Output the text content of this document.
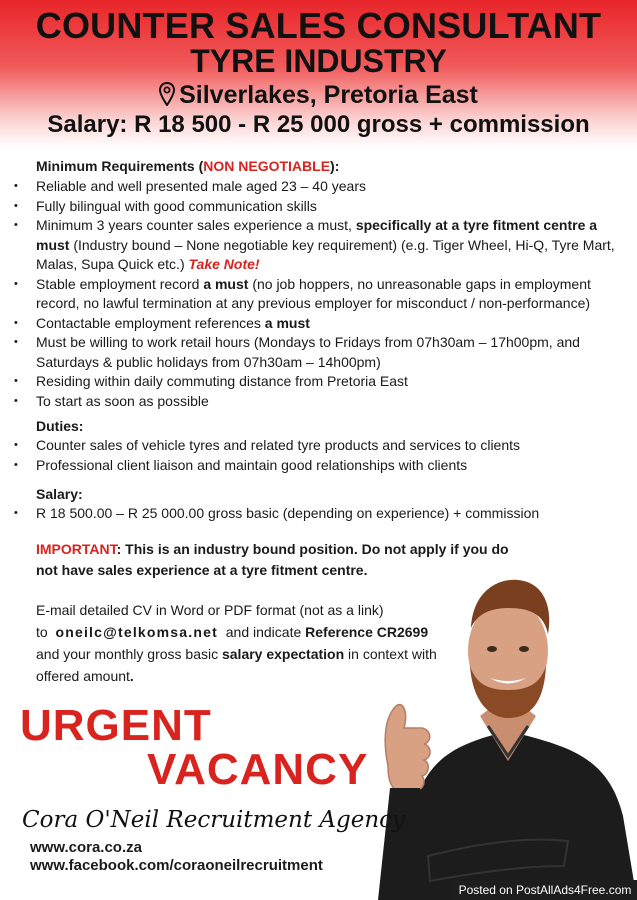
COUNTER SALES CONSULTANT
TYRE INDUSTRY
Silverlakes, Pretoria East
Salary: R 18 500 - R 25 000 gross + commission
Minimum Requirements (NON NEGOTIABLE):
• Reliable and well presented male aged 23 – 40 years
• Fully bilingual with good communication skills
• Minimum 3 years counter sales experience a must, specifically at a tyre fitment centre a must (Industry bound – None negotiable key requirement) (e.g. Tiger Wheel, Hi-Q, Tyre Mart, Malas, Supa Quick etc.) Take Note!
• Stable employment record a must (no job hoppers, no unreasonable gaps in employment record, no lawful termination at any previous employer for misconduct / non-performance)
• Contactable employment references a must
• Must be willing to work retail hours (Mondays to Fridays from 07h30am – 17h00pm, and Saturdays & public holidays from 07h30am – 14h00pm)
• Residing within daily commuting distance from Pretoria East
• To start as soon as possible
Duties:
• Counter sales of vehicle tyres and related tyre products and services to clients
• Professional client liaison and maintain good relationships with clients
Salary:
• R 18 500.00 – R 25 000.00 gross basic (depending on experience) + commission
IMPORTANT: This is an industry bound position. Do not apply if you do not have sales experience at a tyre fitment centre.
E-mail detailed CV in Word or PDF format (not as a link)
to oneilc@telkomsa.net and indicate Reference CR2699
and your monthly gross basic salary expectation in context with offered amount.
URGENT
VACANCY
Cora O'Neil Recruitment Agency
www.cora.co.za
www.facebook.com/coraoneilrecruitment
Posted on PostAllAds4Free.com
